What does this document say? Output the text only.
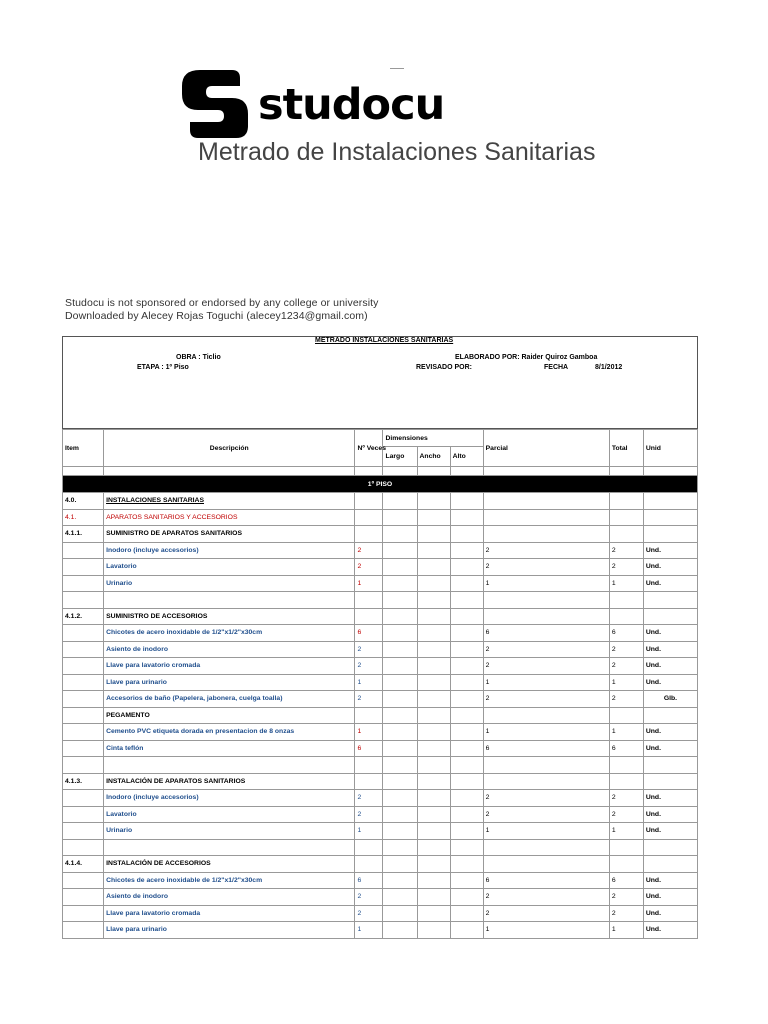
studocu
Metrado de Instalaciones Sanitarias
Studocu is not sponsored or endorsed by any college or university
Downloaded by Alecey Rojas Toguchi (alecey1234@gmail.com)
METRADO INSTALACIONES SANITARIAS
OBRA : Ticlio
ETAPA : 1º Piso
ELABORADO POR: Raider Quiroz Gamboa
REVISADO POR:	FECHA	8/1/2012
Item	Descripción	Nº Veces	Dimensiones			Parcial	Total	Unid
			Largo	Ancho	Alto			

1º PISO								
4.0.	INSTALACIONES SANITARIAS							
4.1.	APARATOS SANITARIOS Y ACCESORIOS							
4.1.1.	SUMINISTRO DE APARATOS SANITARIOS							
	Inodoro (incluye accesorios)	2				2	2	Und.
	Lavatorio	2				2	2	Und.
	Urinario	1				1	1	Und.

4.1.2.	SUMINISTRO DE ACCESORIOS							
	Chicotes de acero inoxidable de 1/2"x1/2"x30cm	6				6	6	Und.
	Asiento de inodoro	2				2	2	Und.
	Llave para lavatorio cromada	2				2	2	Und.
	Llave para urinario	1				1	1	Und.
	Accesorios de baño (Papelera, jabonera, cuelga toalla)	2				2	2	Glb.
	PEGAMENTO							
	Cemento PVC etiqueta dorada en presentacion de 8 onzas	1				1	1	Und.
	Cinta teflón	6				6	6	Und.

4.1.3.	INSTALACIÓN DE APARATOS SANITARIOS							
	Inodoro (incluye accesorios)	2				2	2	Und.
	Lavatorio	2				2	2	Und.
	Urinario	1				1	1	Und.

4.1.4.	INSTALACIÓN DE ACCESORIOS							
	Chicotes de acero inoxidable de 1/2"x1/2"x30cm	6				6	6	Und.
	Asiento de inodoro	2				2	2	Und.
	Llave para lavatorio cromada	2				2	2	Und.
	Llave para urinario	1				1	1	Und.
